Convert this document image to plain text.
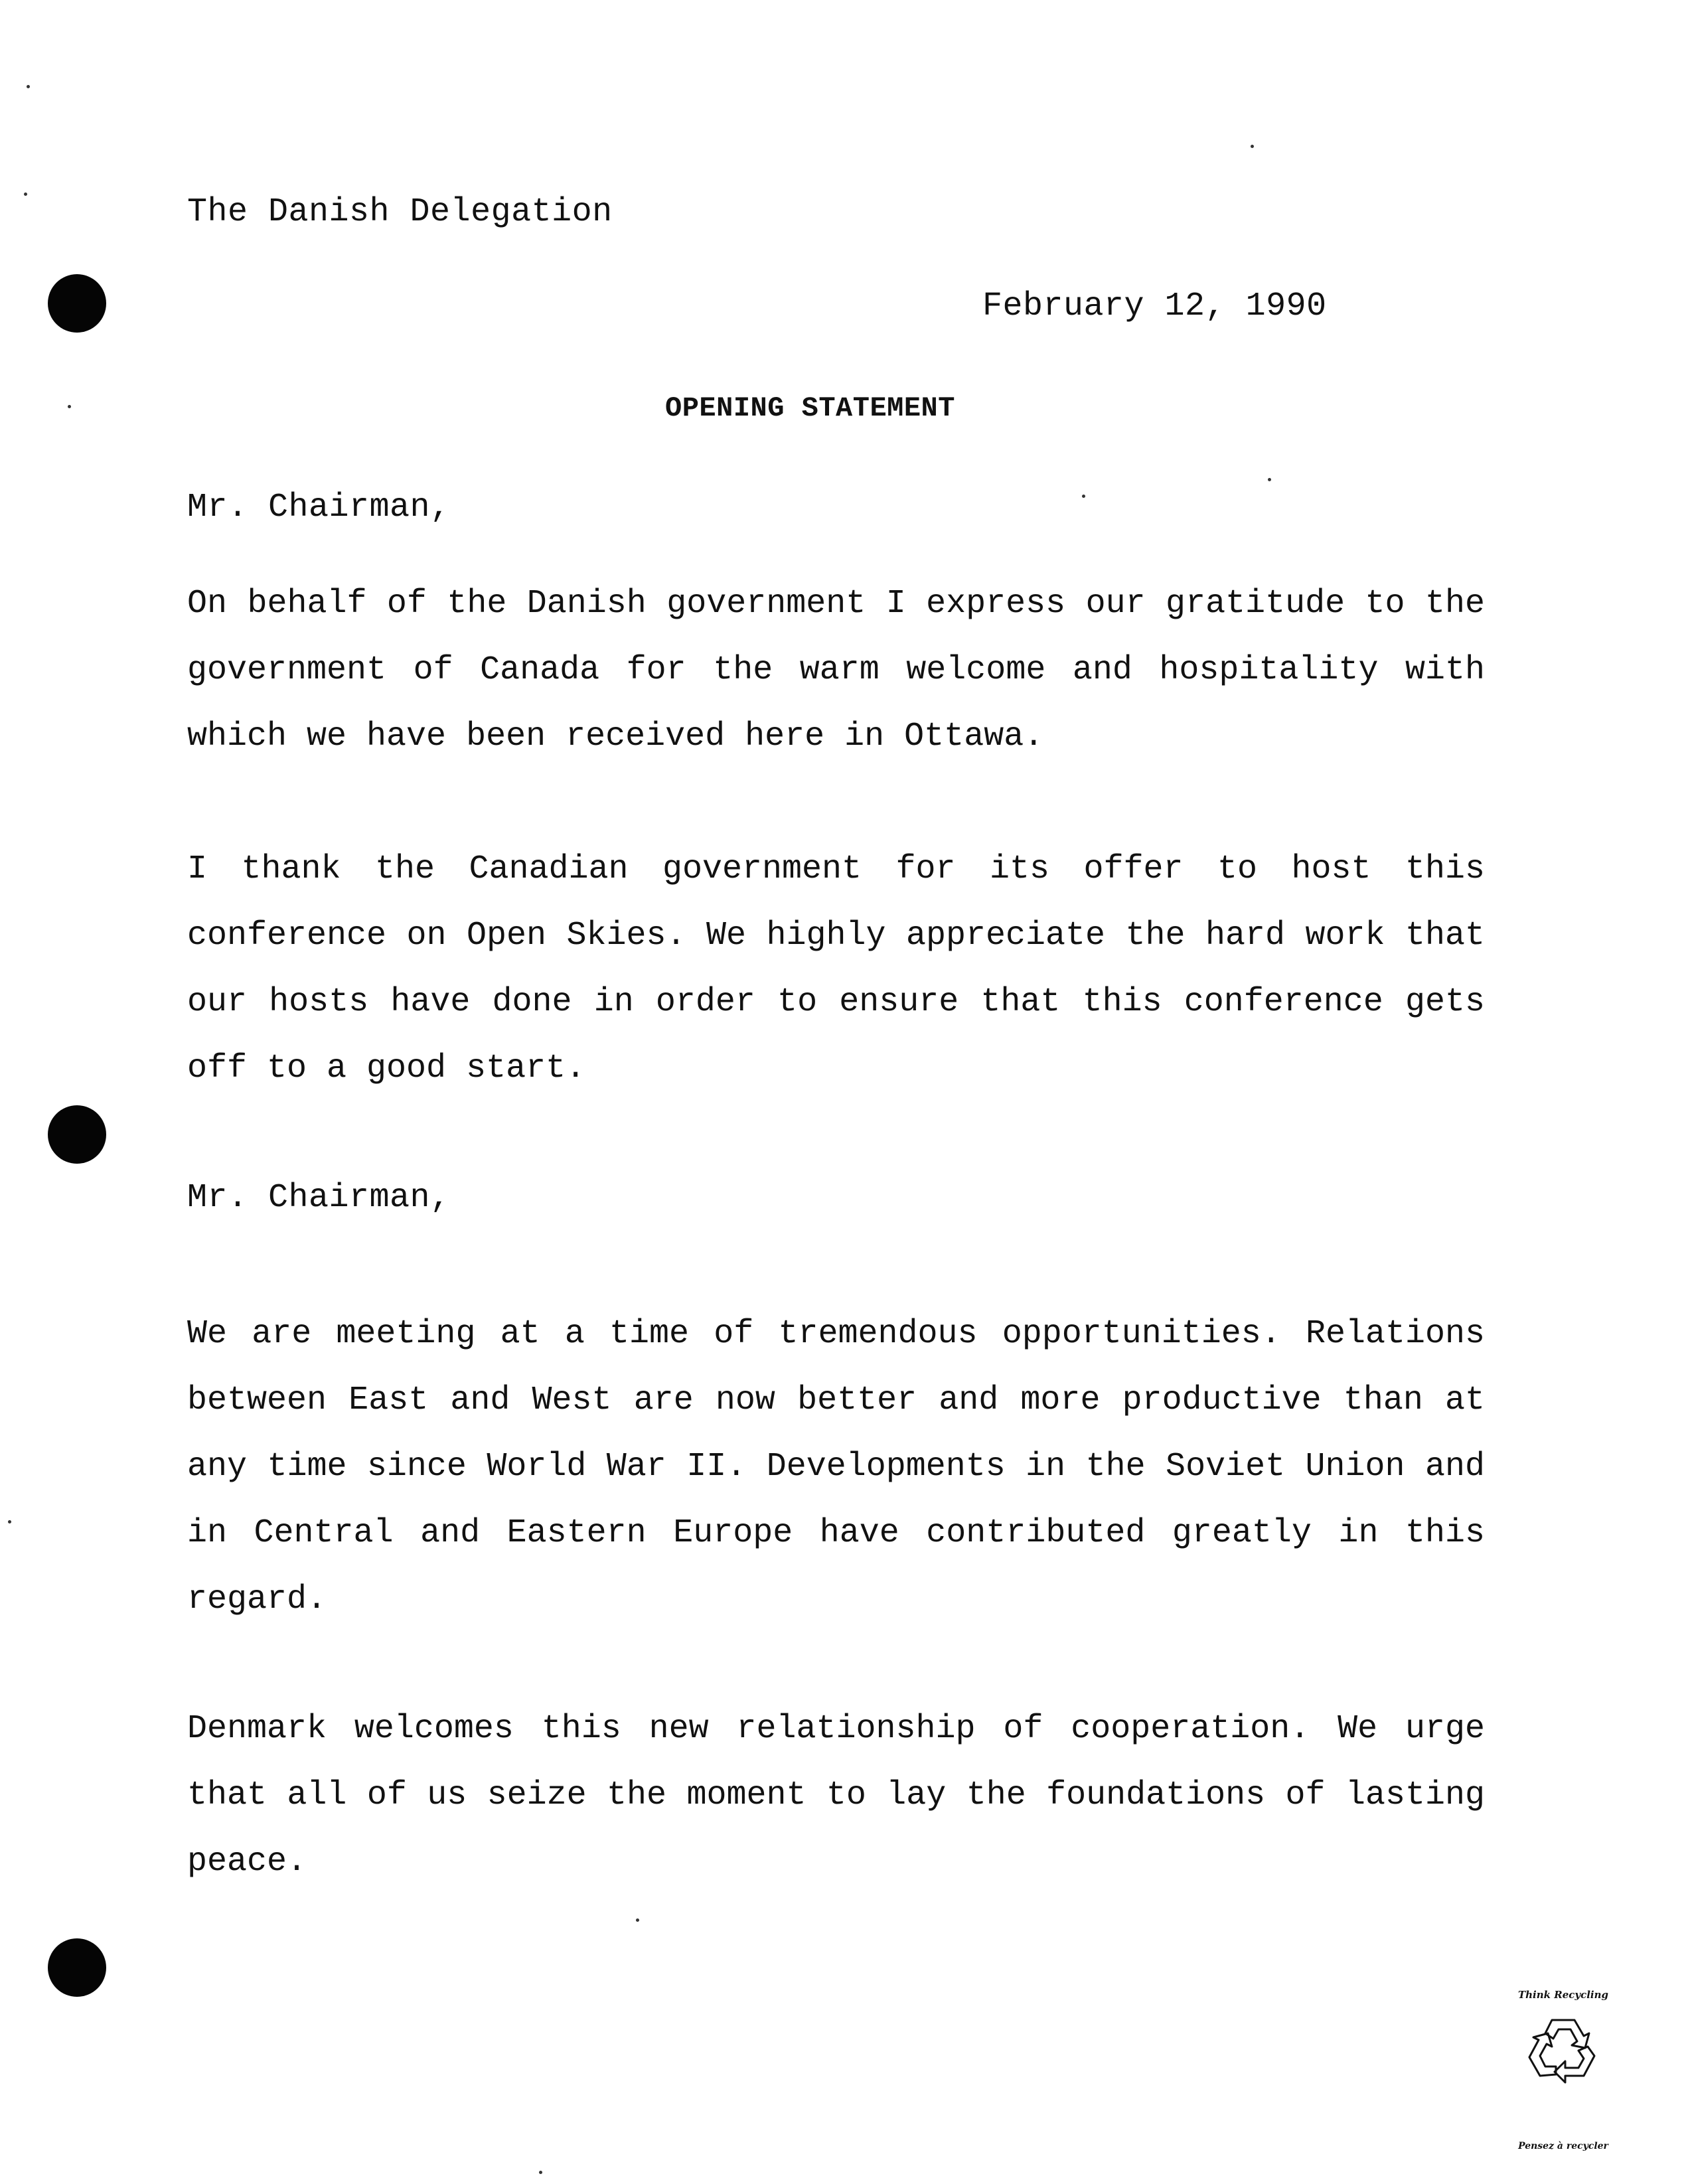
The Danish Delegation
February 12, 1990
OPENING STATEMENT
Mr. Chairman,
On behalf of the Danish government I express our gratitude to the
government of Canada for the warm welcome and hospitality with
which we have been received here in Ottawa.
I thank the Canadian government for its offer to host this
conference on Open Skies. We highly appreciate the hard work that
our hosts have done in order to ensure that this conference gets
off to a good start.
Mr. Chairman,
We are meeting at a time of tremendous opportunities. Relations
between East and West are now better and more productive than at
any time since World War II. Developments in the Soviet Union and
in Central and Eastern Europe have contributed greatly in this
regard.
Denmark welcomes this new relationship of cooperation. We urge
that all of us seize the moment to lay the foundations of lasting
peace.
Think Recycling
Pensez à recycler
